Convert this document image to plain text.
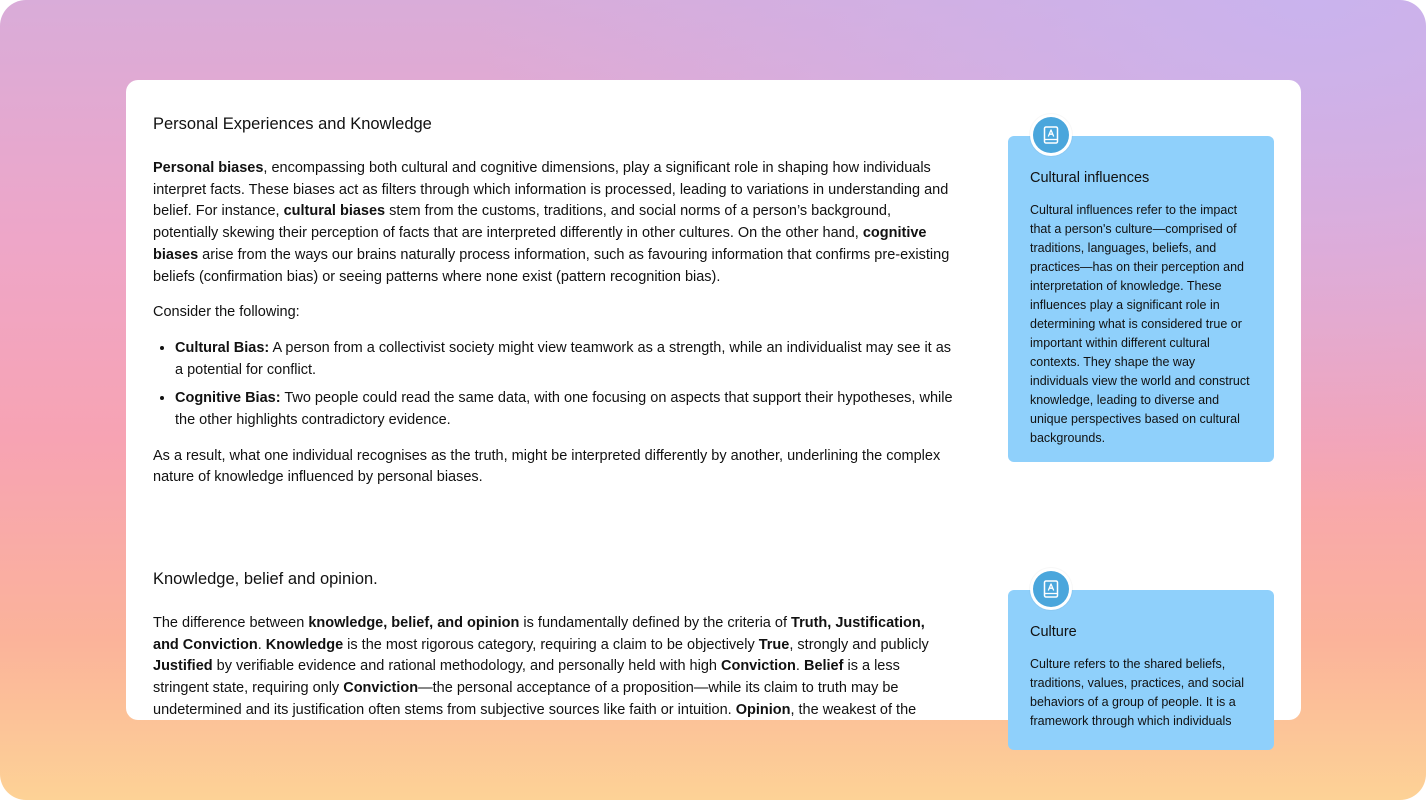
Personal Experiences and Knowledge

Personal biases, encompassing both cultural and cognitive dimensions, play a significant role in shaping how individuals interpret facts. These biases act as filters through which information is processed, leading to variations in understanding and belief. For instance, cultural biases stem from the customs, traditions, and social norms of a person’s background, potentially skewing their perception of facts that are interpreted differently in other cultures. On the other hand, cognitive biases arise from the ways our brains naturally process information, such as favouring information that confirms pre-existing beliefs (confirmation bias) or seeing patterns where none exist (pattern recognition bias).

Consider the following:

• Cultural Bias: A person from a collectivist society might view teamwork as a strength, while an individualist may see it as a potential for conflict.
• Cognitive Bias: Two people could read the same data, with one focusing on aspects that support their hypotheses, while the other highlights contradictory evidence.

As a result, what one individual recognises as the truth, might be interpreted differently by another, underlining the complex nature of knowledge influenced by personal biases.

Knowledge, belief and opinion.

The difference between knowledge, belief, and opinion is fundamentally defined by the criteria of Truth, Justification, and Conviction. Knowledge is the most rigorous category, requiring a claim to be objectively True, strongly and publicly Justified by verifiable evidence and rational methodology, and personally held with high Conviction. Belief is a less stringent state, requiring only Conviction—the personal acceptance of a proposition—while its claim to truth may be undetermined and its justification often stems from subjective sources like faith or intuition. Opinion, the weakest of the

Cultural influences
Cultural influences refer to the impact that a person's culture—comprised of traditions, languages, beliefs, and practices—has on their perception and interpretation of knowledge. These influences play a significant role in determining what is considered true or important within different cultural contexts. They shape the way individuals view the world and construct knowledge, leading to diverse and unique perspectives based on cultural backgrounds.
Culture
Culture refers to the shared beliefs, traditions, values, practices, and social behaviors of a group of people. It is a framework through which individuals
